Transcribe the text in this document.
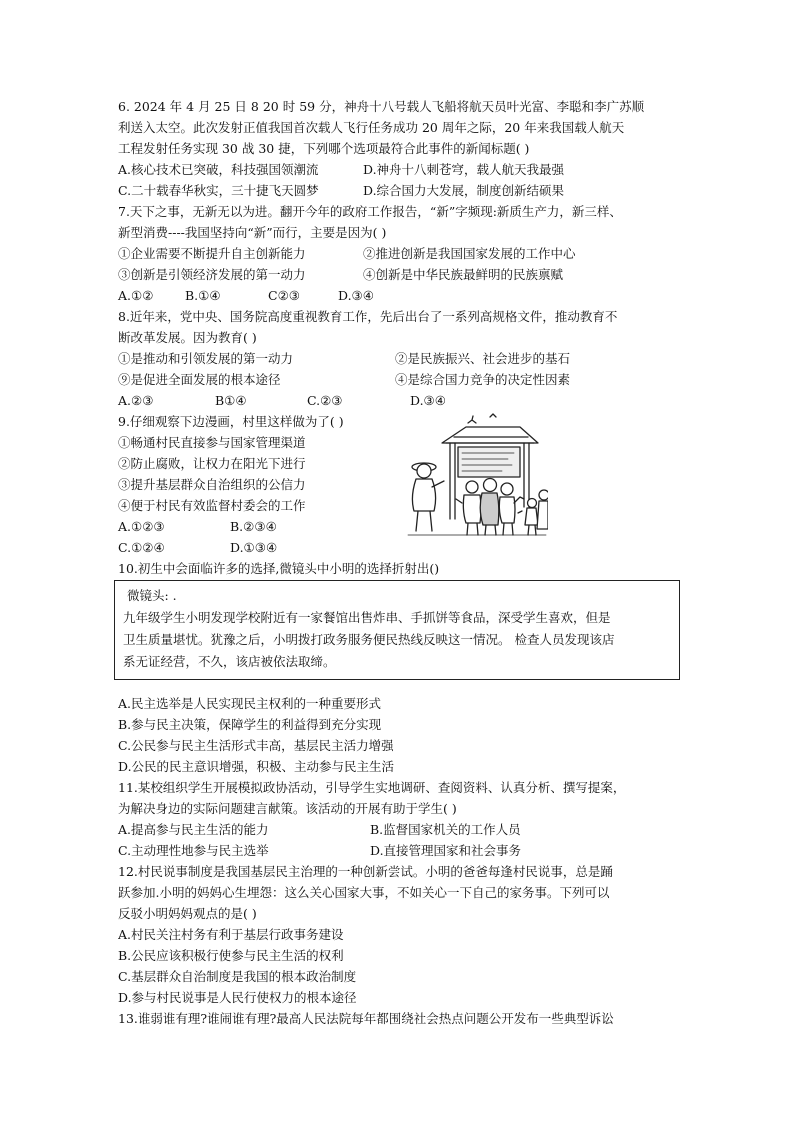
6. 2024 年 4 月 25 日 8 20 时 59 分，神舟十八号载人飞船将航天员叶光富、李聪和李广苏顺
利送入太空。此次发射正值我国首次载人飞行任务成功 20 周年之际，20 年来我国载人航天
工程发射任务实现 30 战 30 捷，下列哪个选项最符合此事件的新闻标题( )
A.核心技术已突破，科技强国领潮流	D.神舟十八刺苍穹，载人航天我最强
C.二十载春华秋实，三十捷飞天圆梦	D.综合国力大发展，制度创新结硕果
7.天下之事，无新无以为进。翻开今年的政府工作报告，“新”字频现:新质生产力，新三样、
新型消费----我国坚持向“新”而行，主要是因为( )
①企业需要不断提升自主创新能力	②推进创新是我国国家发展的工作中心
③创新是引领经济发展的第一动力	④创新是中华民族最鲜明的民族禀赋
A.①②	B.①④	C②③	D.③④
8.近年来，党中央、国务院高度重视教育工作，先后出台了一系列高规格文件，推动教育不
断改革发展。因为教育( )
①是推动和引领发展的第一动力	②是民族振兴、社会进步的基石
⑨是促进全面发展的根本途径	④是综合国力竞争的决定性因素
A.②③	B①④	C.②③	D.③④
9.仔细观察下边漫画，村里这样做为了( )
①畅通村民直接参与国家管理渠道
②防止腐败，让权力在阳光下进行
③提升基层群众自治组织的公信力
④便于村民有效监督村委会的工作
A.①②③	B.②③④
C.①②④	D.①③④
10.初生中会面临许多的选择,微镜头中小明的选择折射出()
微镜头: .
九年级学生小明发现学校附近有一家餐馆出售炸串、手抓饼等食品，深受学生喜欢，但是
卫生质量堪忧。犹豫之后，小明拨打政务服务便民热线反映这一情况。 检查人员发现该店
系无证经营，不久，该店被依法取缔。
A.民主选举是人民实现民主权利的一种重要形式
B.参与民主决策，保障学生的利益得到充分实现
C.公民参与民主生活形式丰高，基层民主活力增强
D.公民的民主意识增强，积极、主动参与民主生活
11.某校组织学生开展模拟政协活动，引导学生实地调研、查阅资料、认真分析、撰写提案，
为解决身边的实际问题建言献策。该活动的开展有助于学生( )
A.提高参与民主生活的能力	B.监督国家机关的工作人员
C.主动理性地参与民主选举	D.直接管理国家和社会事务
12.村民说事制度是我国基层民主治理的一种创新尝试。小明的爸爸每逢村民说事，总是踊
跃参加.小明的妈妈心生埋怨：这么关心国家大事，不如关心一下自己的家务事。下列可以
反驳小明妈妈观点的是( )
A.村民关注村务有利于基层行政事务建设
B.公民应该积极行使参与民主生活的权利
C.基层群众自治制度是我国的根本政治制度
D.参与村民说事是人民行使权力的根本途径
13.谁弱谁有理?谁闹谁有理?最高人民法院每年都围绕社会热点问题公开发布一些典型诉讼
